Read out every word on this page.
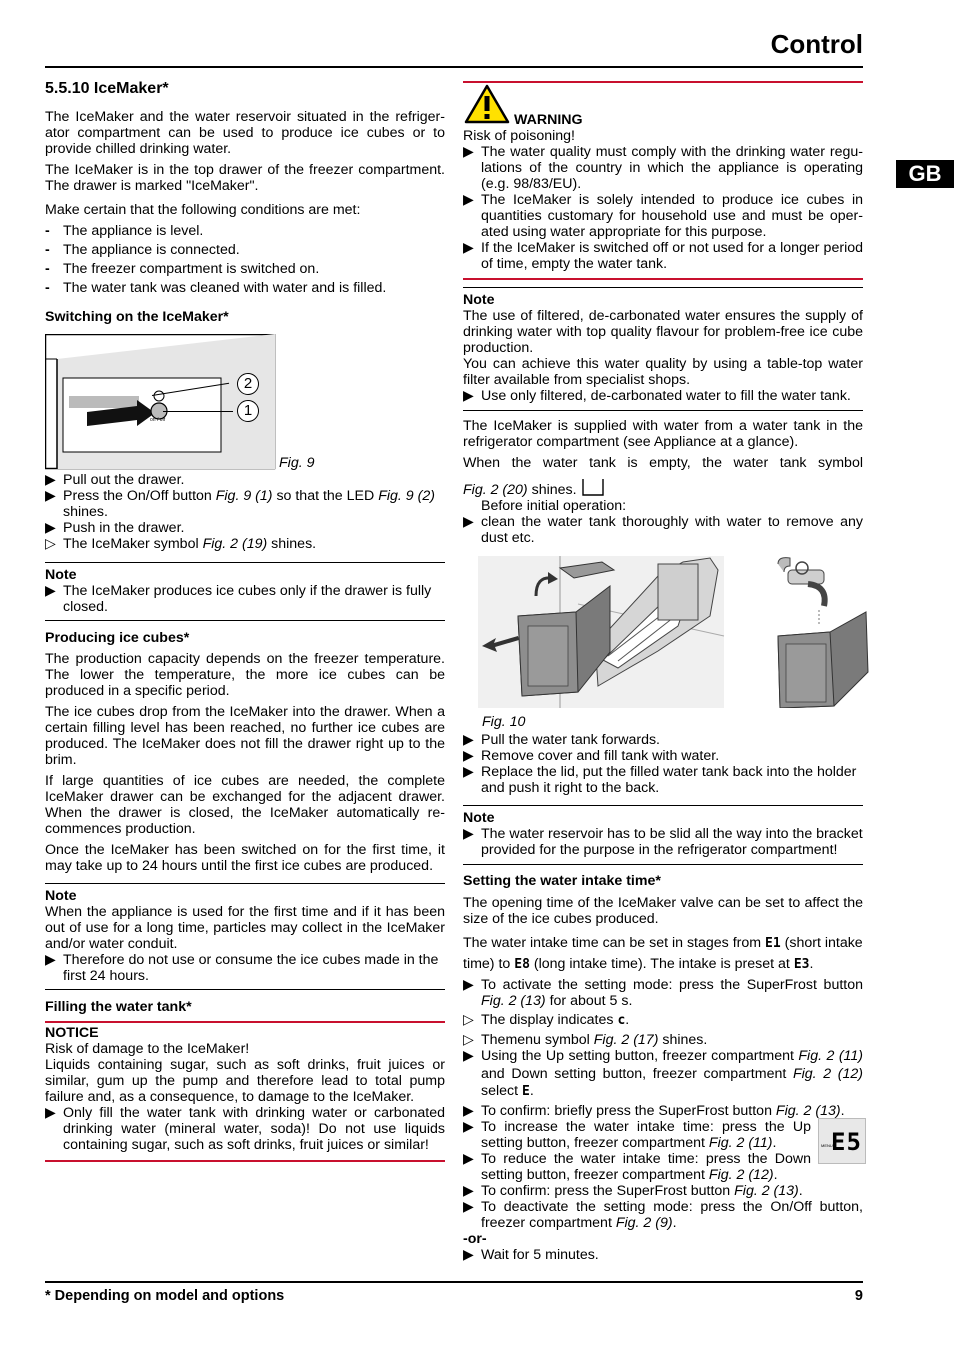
Control
GB
5.5.10 IceMaker*

The IceMaker and the water reservoir situated in the refriger-ator compartment can be used to produce ice cubes or to provide chilled drinking water.

The IceMaker is in the top drawer of the freezer compartment. The drawer is marked "IceMaker".

Make certain that the following conditions are met:

- The appliance is level.
- The appliance is connected.
- The freezer compartment is switched on.
- The water tank was cleaned with water and is filled.
Switching on the IceMaker*
2
1
on / off
Fig. 9
▶ Pull out the drawer.
▶ Press the On/Off button Fig. 9 (1) so that the LED Fig. 9 (2) shines.
▶ Push in the drawer.
▷ The IceMaker symbol Fig. 2 (19) shines.
Note
▶ The IceMaker produces ice cubes only if the drawer is fully closed.
Producing ice cubes*

The production capacity depends on the freezer temperature. The lower the temperature, the more ice cubes can be produced in a specific period.

The ice cubes drop from the IceMaker into the drawer. When a certain filling level has been reached, no further ice cubes are produced. The IceMaker does not fill the drawer right up to the brim.

If large quantities of ice cubes are needed, the complete IceMaker drawer can be exchanged for the adjacent drawer. When the drawer is closed, the IceMaker automatically re-commences production.

Once the IceMaker has been switched on for the first time, it may take up to 24 hours until the first ice cubes are produced.

Note

When the appliance is used for the first time and if it has been out of use for a long time, particles may collect in the IceMaker and/or water conduit.

▶ Therefore do not use or consume the ice cubes made in the first 24 hours.
Filling the water tank*
NOTICE

Risk of damage to the IceMaker!

Liquids containing sugar, such as soft drinks, fruit juices or similar, gum up the pump and therefore lead to total pump failure and, as a consequence, to damage to the IceMaker.

▶ Only fill the water tank with drinking water or carbonated drinking water (mineral water, soda)! Do not use liquids containing sugar, such as soft drinks, fruit juices or similar!
WARNING

Risk of poisoning!

▶ The water quality must comply with the drinking water regu-lations of the country in which the appliance is operating (e.g. 98/83/EU).
▶ The IceMaker is solely intended to produce ice cubes in quantities customary for household use and must be oper-ated using water appropriate for this purpose.
▶ If the IceMaker is switched off or not used for a longer period of time, empty the water tank.
Note

The use of filtered, de-carbonated water ensures the supply of drinking water with top quality flavour for problem-free ice cube production.

You can achieve this water quality by using a table-top water filter available from specialist shops.

▶ Use only filtered, de-carbonated water to fill the water tank.

The IceMaker is supplied with water from a water tank in the refrigerator compartment (see Appliance at a glance).

When the water tank is empty, the water tank symbol

Fig. 2 (20) shines.

Before initial operation:

▶ clean the water tank thoroughly with water to remove any dust etc.
Fig. 10
▶ Pull the water tank forwards.
▶ Remove cover and fill tank with water.
▶ Replace the lid, put the filled water tank back into the holder and push it right to the back.
Note
▶ The water reservoir has to be slid all the way into the bracket provided for the purpose in the refrigerator compartment!
Setting the water intake time*

The opening time of the IceMaker valve can be set to affect the size of the ice cubes produced.

The water intake time can be set in stages from E1 (short intake time) to E8 (long intake time). The intake is preset at E3.

▶ To activate the setting mode: press the SuperFrost button Fig. 2 (13) for about 5 s.
▷ The display indicates c.
▷ Themenu symbol Fig. 2 (17) shines.
▶ Using the Up setting button, freezer compartment Fig. 2 (11) and Down setting button, freezer compartment Fig. 2 (12) select E.
▶ To confirm: briefly press the SuperFrost button Fig. 2 (13).
▶ To increase the water intake time: press the Up setting button, freezer compartment Fig. 2 (11).
▶ To reduce the water intake time: press the Down setting button, freezer compartment Fig. 2 (12).
▶ To confirm: press the SuperFrost button Fig. 2 (13).
▶ To deactivate the setting mode: press the On/Off button, freezer compartment Fig. 2 (9).
-or-
▶ Wait for 5 minutes.
MENU
E5
* Depending on model and options	9
